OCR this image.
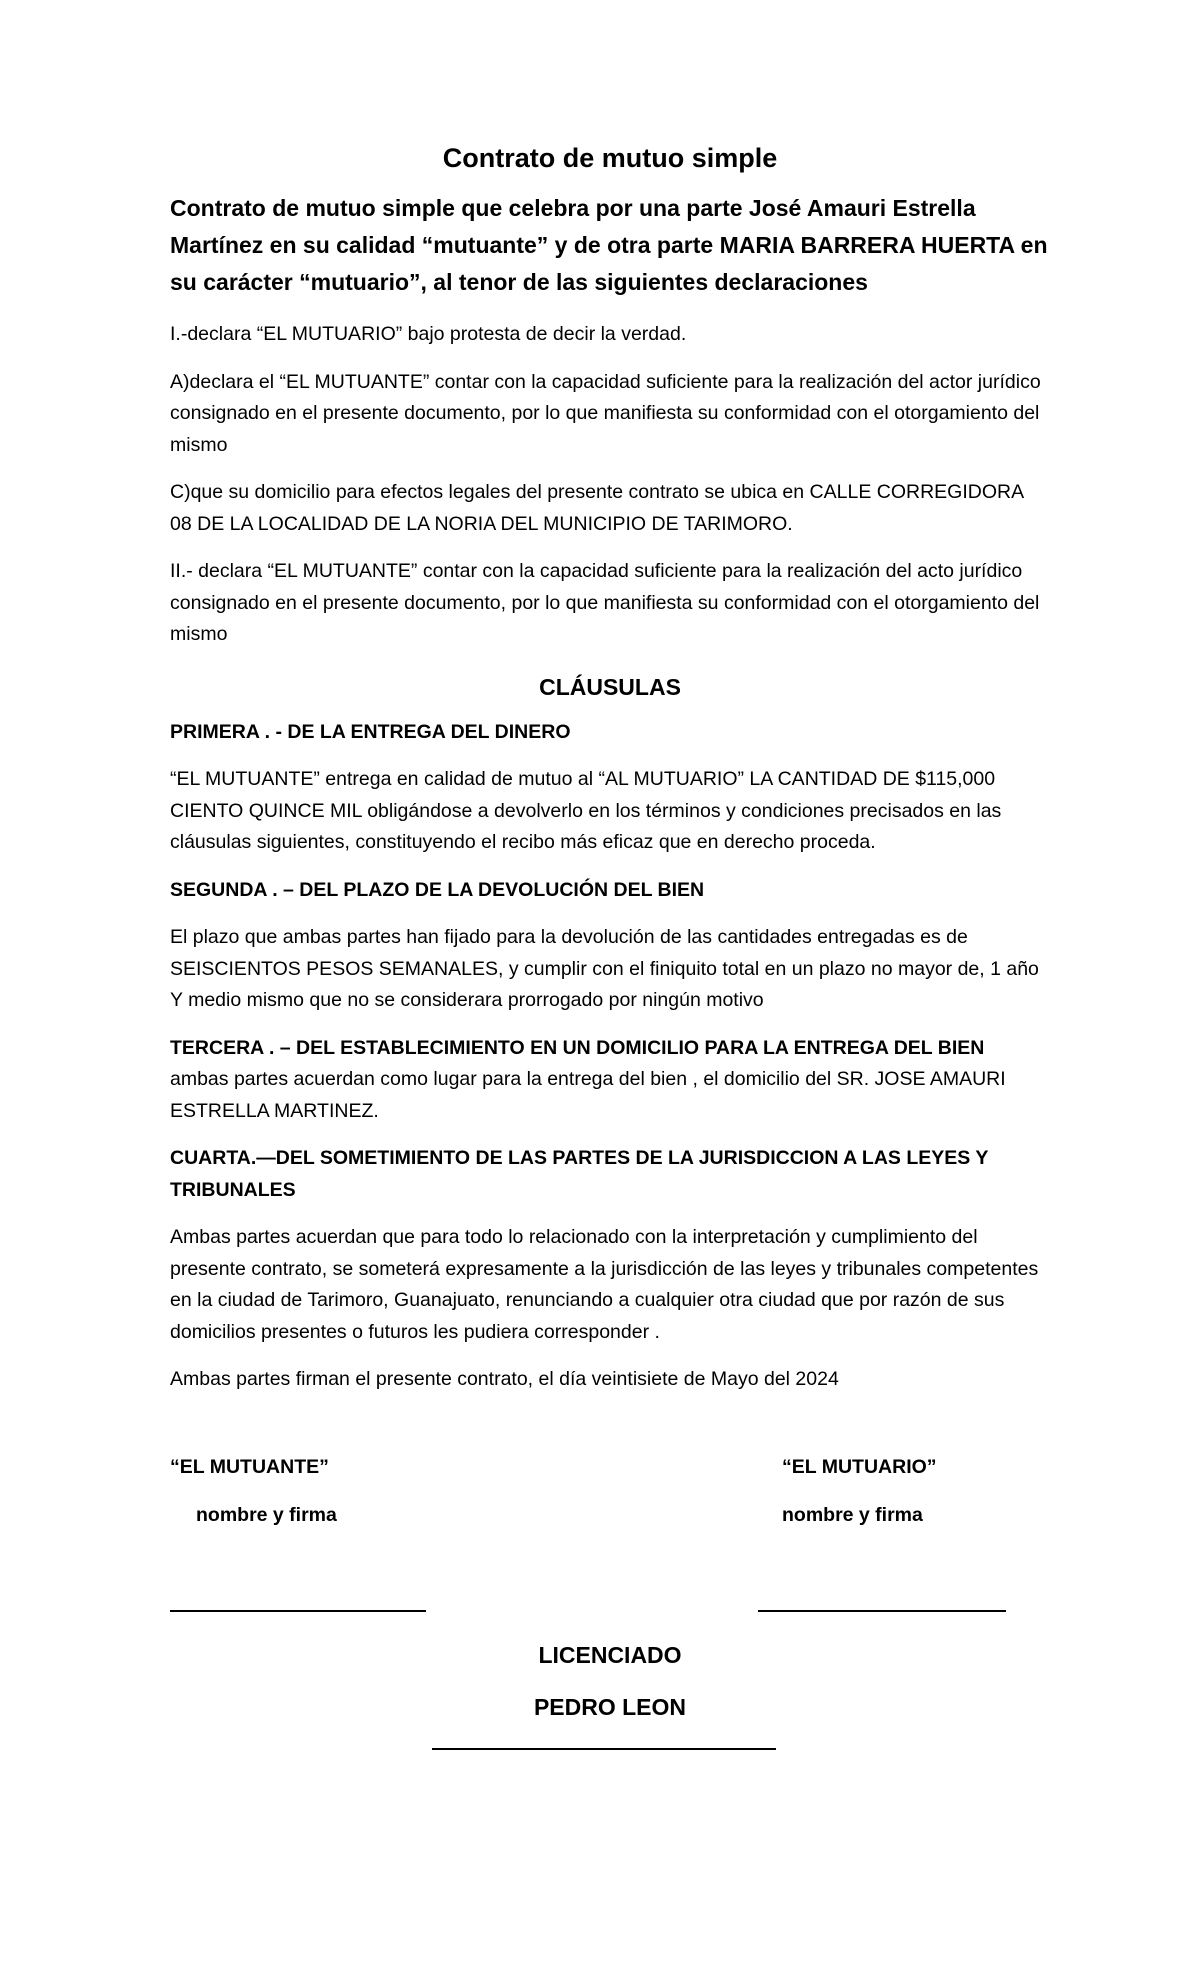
Contrato de mutuo simple
Contrato de mutuo simple que celebra por una parte José Amauri Estrella Martínez en su calidad “mutuante” y de otra parte MARIA BARRERA HUERTA en su carácter “mutuario”, al tenor de las siguientes declaraciones

I.-declara “EL MUTUARIO” bajo protesta de decir la verdad.

A)declara el “EL MUTUANTE” contar con la capacidad suficiente para la realización del actor jurídico consignado en el presente documento, por lo que manifiesta su conformidad con el otorgamiento del mismo

C)que su domicilio para efectos legales del presente contrato se ubica en CALLE CORREGIDORA 08 DE LA LOCALIDAD DE LA NORIA DEL MUNICIPIO DE TARIMORO.

II.- declara “EL MUTUANTE” contar con la capacidad suficiente para la realización del acto jurídico consignado en el presente documento, por lo que manifiesta su conformidad con el otorgamiento del mismo

CLÁUSULAS
PRIMERA . - DE LA ENTREGA DEL DINERO

“EL MUTUANTE” entrega en calidad de mutuo al “AL MUTUARIO” LA CANTIDAD DE $115,000 CIENTO QUINCE MIL obligándose a devolverlo en los términos y condiciones precisados en las cláusulas siguientes, constituyendo el recibo más eficaz que en derecho proceda.

SEGUNDA . – DEL PLAZO DE LA DEVOLUCIÓN DEL BIEN

El plazo que ambas partes han fijado para la devolución de las cantidades entregadas es de SEISCIENTOS PESOS SEMANALES, y cumplir con el finiquito total en un plazo no mayor de, 1 año Y medio mismo que no se considerara prorrogado por ningún motivo

TERCERA . – DEL ESTABLECIMIENTO EN UN DOMICILIO PARA LA ENTREGA DEL BIEN

ambas partes acuerdan como lugar para la entrega del bien , el domicilio del SR. JOSE AMAURI ESTRELLA MARTINEZ.

CUARTA.—DEL SOMETIMIENTO DE LAS PARTES DE LA JURISDICCION A LAS LEYES Y TRIBUNALES

Ambas partes acuerdan que para todo lo relacionado con la interpretación y cumplimiento del presente contrato, se someterá expresamente a la jurisdicción de las leyes y tribunales competentes en la ciudad de Tarimoro, Guanajuato, renunciando a cualquier otra ciudad que por razón de sus domicilios presentes o futuros les pudiera corresponder .

Ambas partes firman el presente contrato, el día veintisiete de Mayo del 2024

“EL MUTUANTE”	“EL MUTUARIO”
nombre y firma	nombre y firma
LICENCIADO
PEDRO LEON
